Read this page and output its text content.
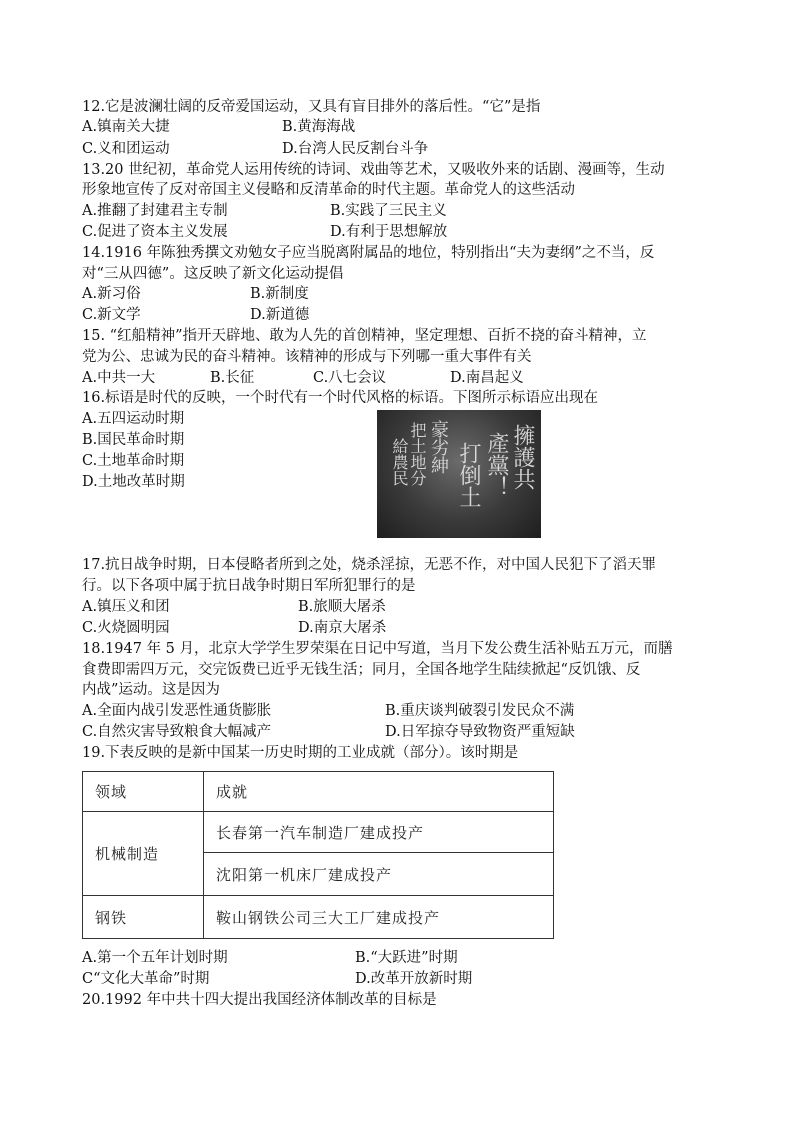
12.它是波澜壮阔的反帝爱国运动，又具有盲目排外的落后性。“它”是指
A.镇南关大捷	B.黄海海战
C.义和团运动	D.台湾人民反割台斗争
13.20 世纪初，革命党人运用传统的诗词、戏曲等艺术，又吸收外来的话剧、漫画等，生动
形象地宣传了反对帝国主义侵略和反清革命的时代主题。革命党人的这些活动
A.推翻了封建君主专制	B.实践了三民主义
C.促进了资本主义发展	D.有利于思想解放
14.1916 年陈独秀撰文劝勉女子应当脱离附属品的地位，特别指出“夫为妻纲”之不当，反
对“三从四德”。这反映了新文化运动提倡
A.新习俗	B.新制度
C.新文学	D.新道德
15. “红船精神”指开天辟地、敢为人先的首创精神，坚定理想、百折不挠的奋斗精神，立
党为公、忠诚为民的奋斗精神。该精神的形成与下列哪一重大事件有关
A.中共一大	B.长征	C.八七会议	D.南昌起义
16.标语是时代的反映，一个时代有一个时代风格的标语。下图所示标语应出现在
A.五四运动时期
B.国民革命时期
C.土地革命时期
D.土地改革时期
擁護共
產黨！
打倒土
豪劣紳
把土地分
給農民
17.抗日战争时期，日本侵略者所到之处，烧杀淫掠，无恶不作，对中国人民犯下了滔天罪
行。以下各项中属于抗日战争时期日军所犯罪行的是
A.镇压义和团	B.旅顺大屠杀
C.火烧圆明园	D.南京大屠杀
18.1947 年 5 月，北京大学学生罗荣渠在日记中写道，当月下发公费生活补贴五万元，而膳
食费即需四万元，交完饭费已近乎无钱生活；同月，全国各地学生陆续掀起“反饥饿、反
内战”运动。这是因为
A.全面内战引发恶性通货膨胀	B.重庆谈判破裂引发民众不满
C.自然灾害导致粮食大幅减产	D.日军掠夺导致物资严重短缺
19.下表反映的是新中国某一历史时期的工业成就（部分）。该时期是
领域	成就
机械制造	长春第一汽车制造厂建成投产
	沈阳第一机床厂建成投产
钢铁	鞍山钢铁公司三大工厂建成投产
A.第一个五年计划时期	B.“大跃进”时期
C“文化大革命”时期	D.改革开放新时期
20.1992 年中共十四大提出我国经济体制改革的目标是
